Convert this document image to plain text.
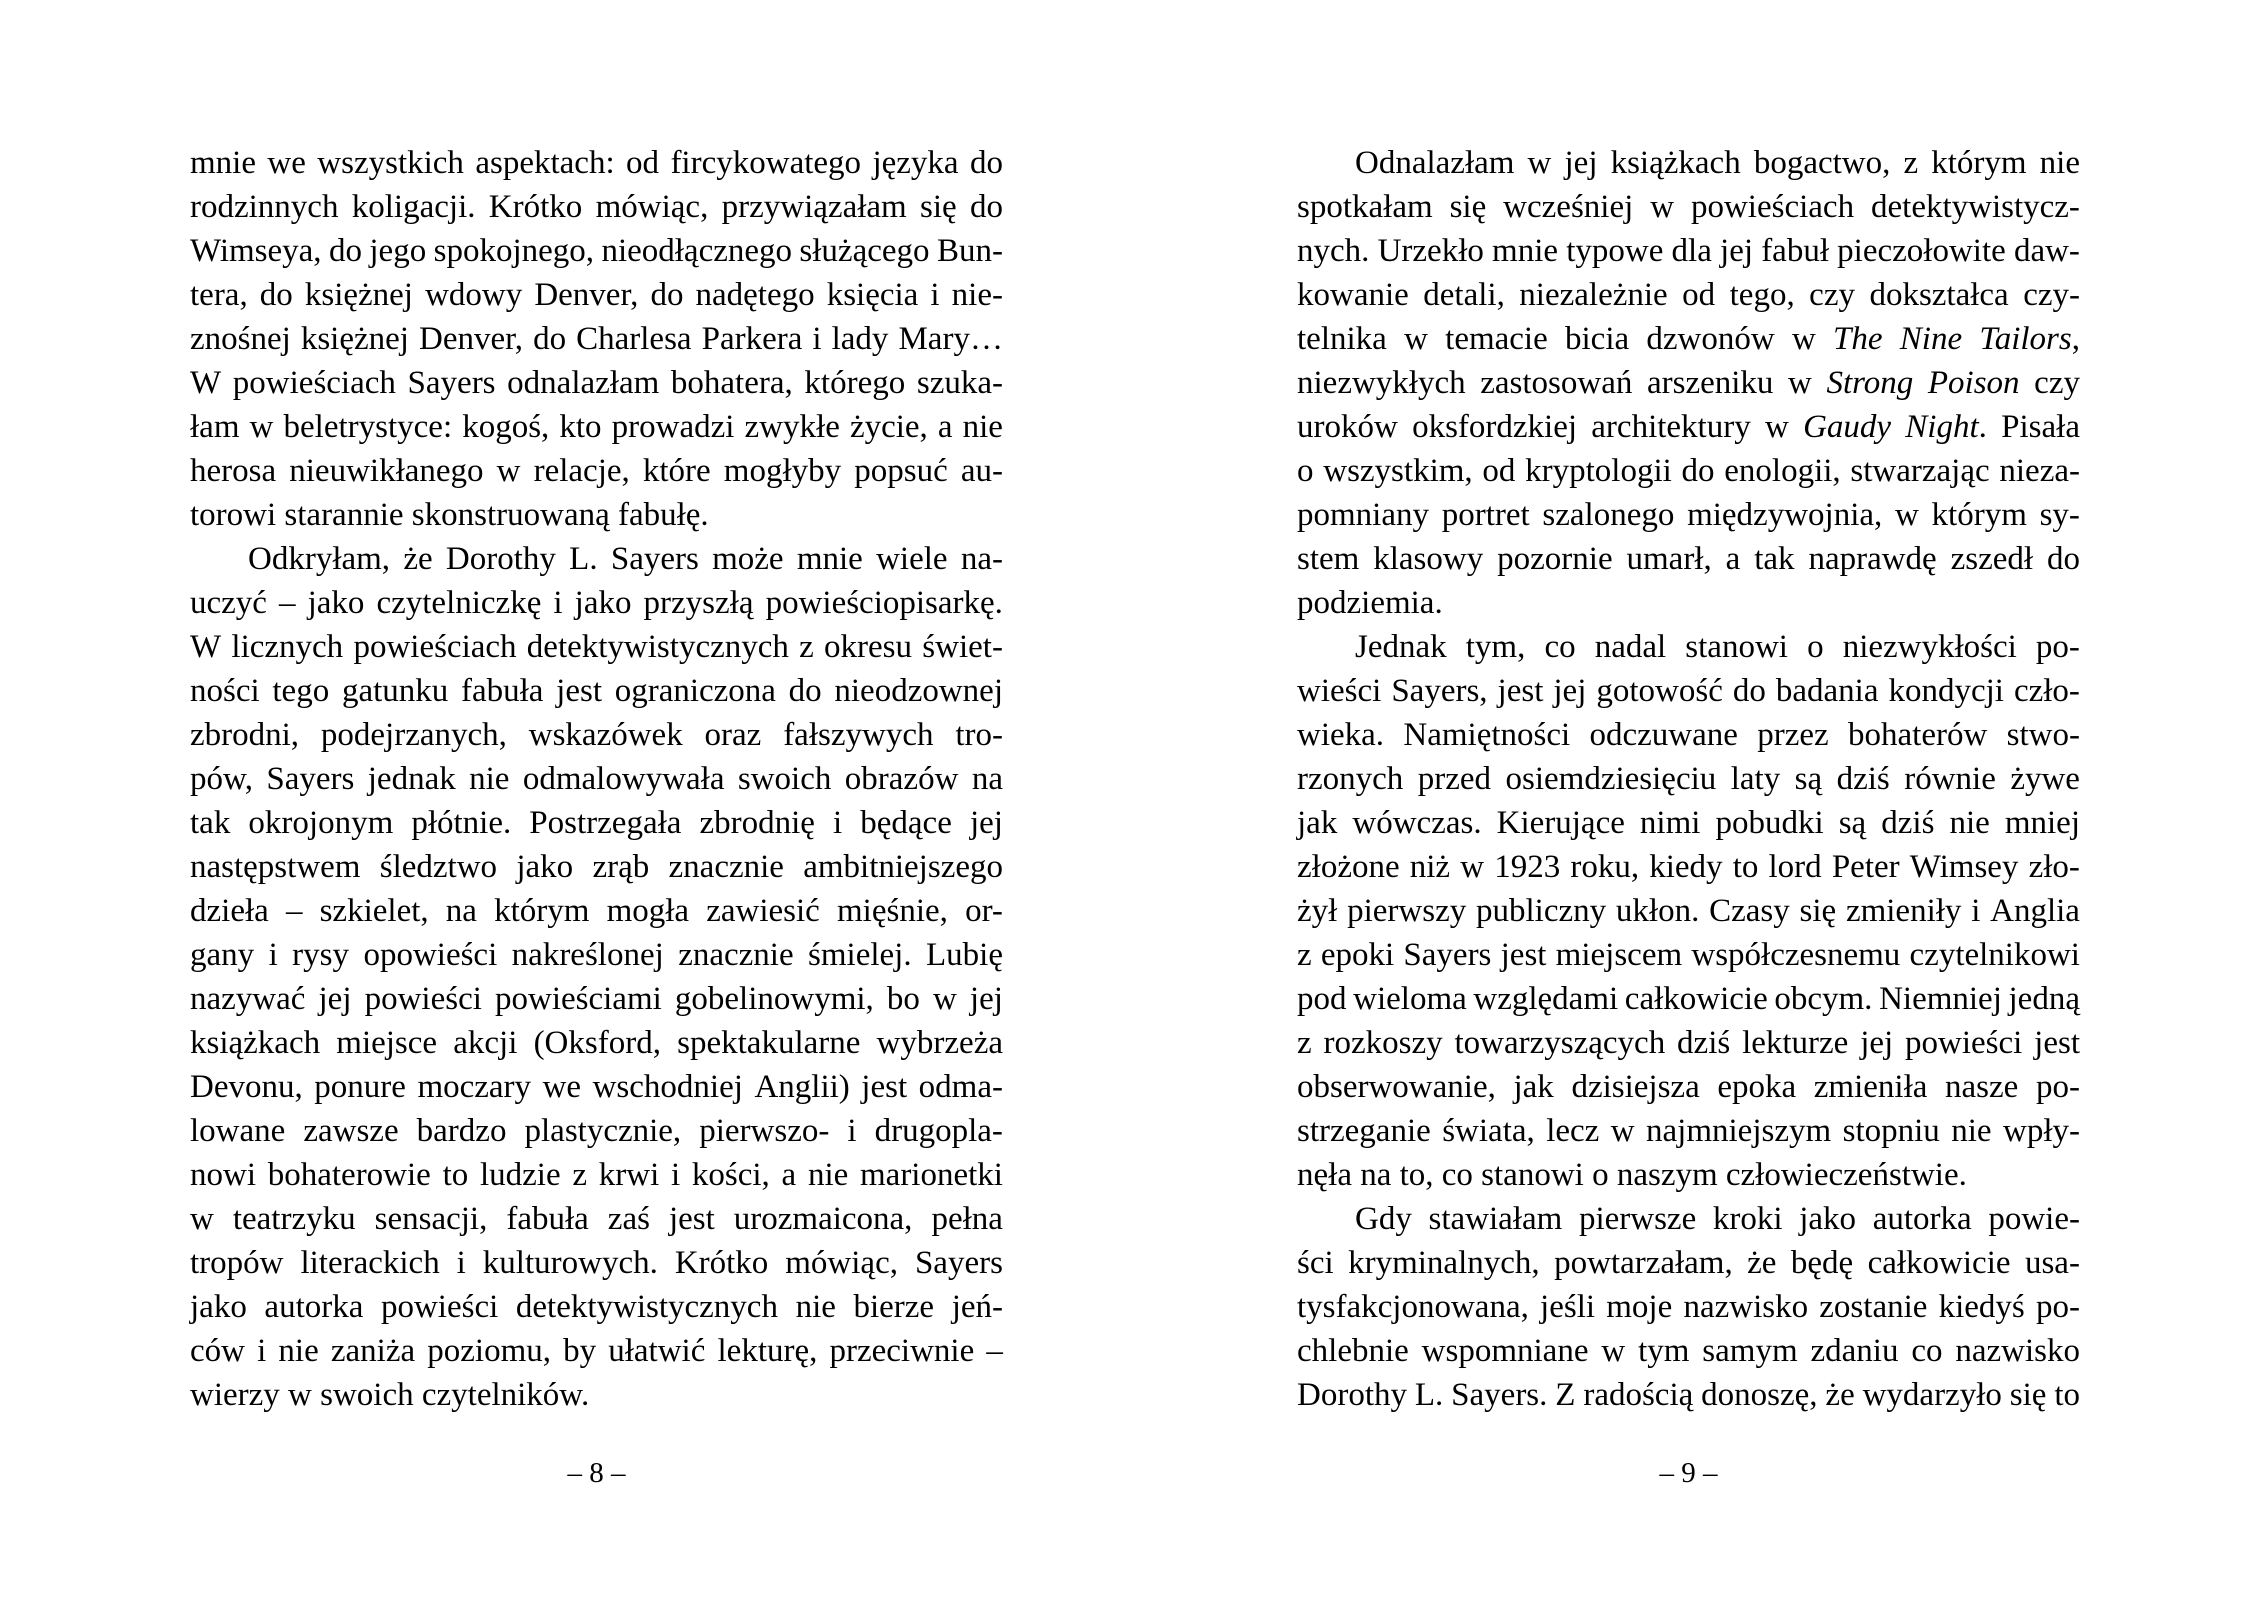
mnie we wszystkich aspektach: od fircykowatego języka do
rodzinnych koligacji. Krótko mówiąc, przywiązałam się do
Wimseya, do jego spokojnego, nieodłącznego służącego Bun-
tera, do księżnej wdowy Denver, do nadętego księcia i nie-
znośnej księżnej Denver, do Charlesa Parkera i lady Mary…
W powieściach Sayers odnalazłam bohatera, którego szuka-
łam w beletrystyce: kogoś, kto prowadzi zwykłe życie, a nie
herosa nieuwikłanego w relacje, które mogłyby popsuć au-
torowi starannie skonstruowaną fabułę.
Odkryłam, że Dorothy L. Sayers może mnie wiele na-
uczyć – jako czytelniczkę i jako przyszłą powieściopisarkę.
W licznych powieściach detektywistycznych z okresu świet-
ności tego gatunku fabuła jest ograniczona do nieodzownej
zbrodni, podejrzanych, wskazówek oraz fałszywych tro-
pów, Sayers jednak nie odmalowywała swoich obrazów na
tak okrojonym płótnie. Postrzegała zbrodnię i będące jej
następstwem śledztwo jako zrąb znacznie ambitniejszego
dzieła – szkielet, na którym mogła zawiesić mięśnie, or-
gany i rysy opowieści nakreślonej znacznie śmielej. Lubię
nazywać jej powieści powieściami gobelinowymi, bo w jej
książkach miejsce akcji (Oksford, spektakularne wybrzeża
Devonu, ponure moczary we wschodniej Anglii) jest odma-
lowane zawsze bardzo plastycznie, pierwszo- i drugopla-
nowi bohaterowie to ludzie z krwi i kości, a nie marionetki
w teatrzyku sensacji, fabuła zaś jest urozmaicona, pełna
tropów literackich i kulturowych. Krótko mówiąc, Sayers
jako autorka powieści detektywistycznych nie bierze jeń-
ców i nie zaniża poziomu, by ułatwić lekturę, przeciwnie –
wierzy w swoich czytelników.
Odnalazłam w jej książkach bogactwo, z którym nie
spotkałam się wcześniej w powieściach detektywistycz-
nych. Urzekło mnie typowe dla jej fabuł pieczołowite daw-
kowanie detali, niezależnie od tego, czy dokształca czy-
telnika w temacie bicia dzwonów w The Nine Tailors,
niezwykłych zastosowań arszeniku w Strong Poison czy
uroków oksfordzkiej architektury w Gaudy Night. Pisała
o wszystkim, od kryptologii do enologii, stwarzając nieza-
pomniany portret szalonego międzywojnia, w którym sy-
stem klasowy pozornie umarł, a tak naprawdę zszedł do
podziemia.
Jednak tym, co nadal stanowi o niezwykłości po-
wieści Sayers, jest jej gotowość do badania kondycji czło-
wieka. Namiętności odczuwane przez bohaterów stwo-
rzonych przed osiemdziesięciu laty są dziś równie żywe
jak wówczas. Kierujące nimi pobudki są dziś nie mniej
złożone niż w 1923 roku, kiedy to lord Peter Wimsey zło-
żył pierwszy publiczny ukłon. Czasy się zmieniły i Anglia
z epoki Sayers jest miejscem współczesnemu czytelnikowi
pod wieloma względami całkowicie obcym. Niemniej jedną
z rozkoszy towarzyszących dziś lekturze jej powieści jest
obserwowanie, jak dzisiejsza epoka zmieniła nasze po-
strzeganie świata, lecz w najmniejszym stopniu nie wpły-
nęła na to, co stanowi o naszym człowieczeństwie.
Gdy stawiałam pierwsze kroki jako autorka powie-
ści kryminalnych, powtarzałam, że będę całkowicie usa-
tysfakcjonowana, jeśli moje nazwisko zostanie kiedyś po-
chlebnie wspomniane w tym samym zdaniu co nazwisko
Dorothy L. Sayers. Z radością donoszę, że wydarzyło się to
– 8 –	– 9 –
